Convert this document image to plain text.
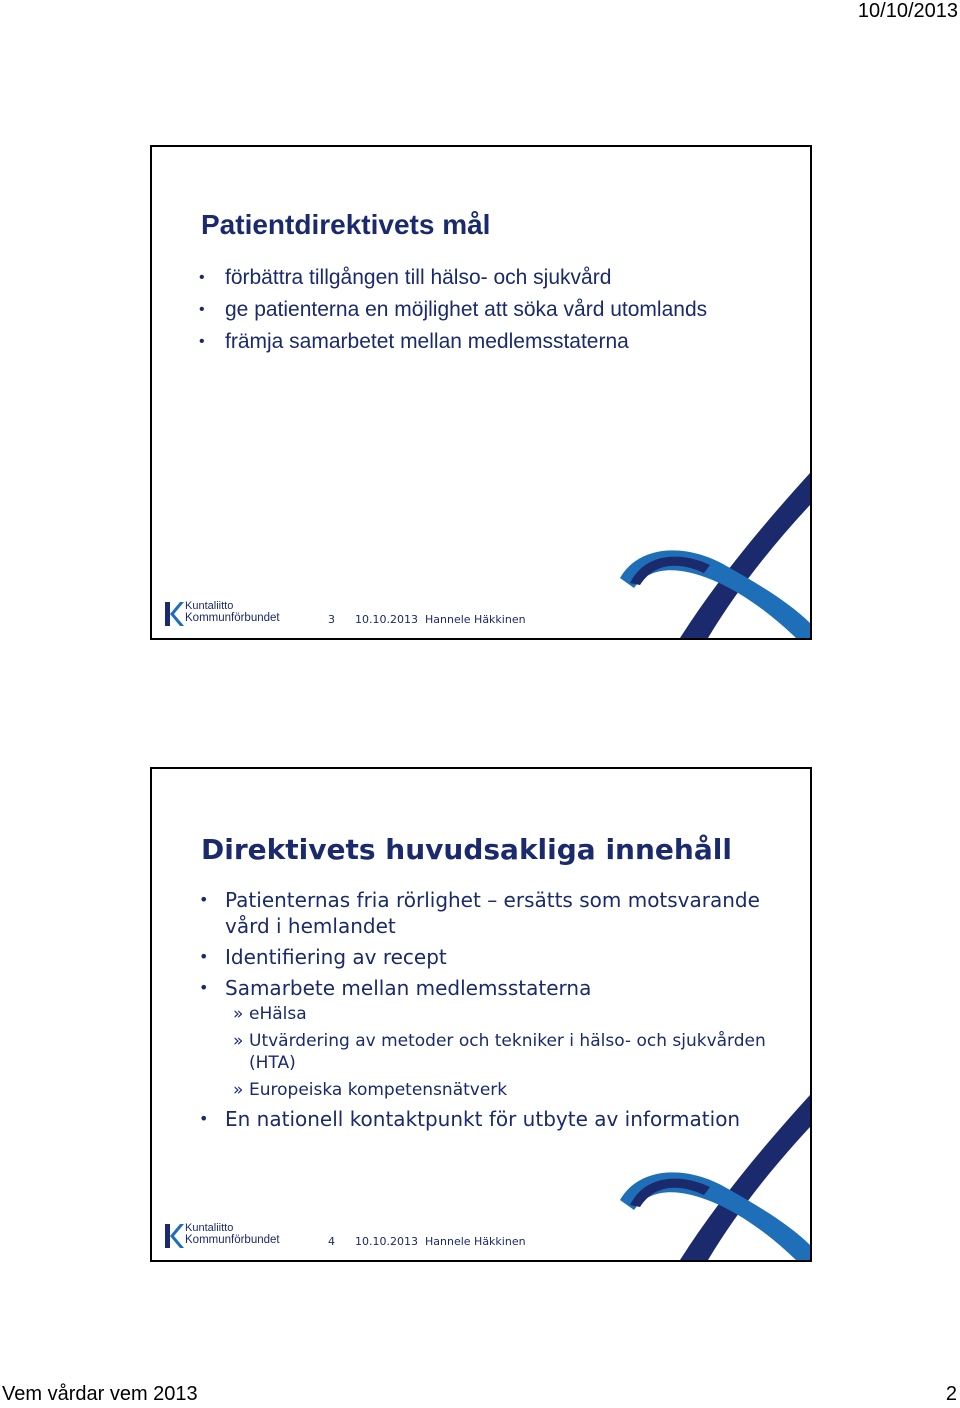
10/10/2013
Patientdirektivets mål
• förbättra tillgången till hälso- och sjukvård
• ge patienterna en möjlighet att söka vård utomlands
• främja samarbetet mellan medlemsstaterna
Kuntaliitto
Kommunförbundet	3 10.10.2013 Hannele Häkkinen
Direktivets huvudsakliga innehåll
• Patienternas fria rörlighet – ersätts som motsvarande vård i hemlandet
• Identifiering av recept
• Samarbete mellan medlemsstaterna
» eHälsa
» Utvärdering av metoder och tekniker i hälso- och sjukvården (HTA)
» Europeiska kompetensnätverk
• En nationell kontaktpunkt för utbyte av information
Kuntaliitto
Kommunförbundet	4 10.10.2013 Hannele Häkkinen
Vem vårdar vem 2013	2
